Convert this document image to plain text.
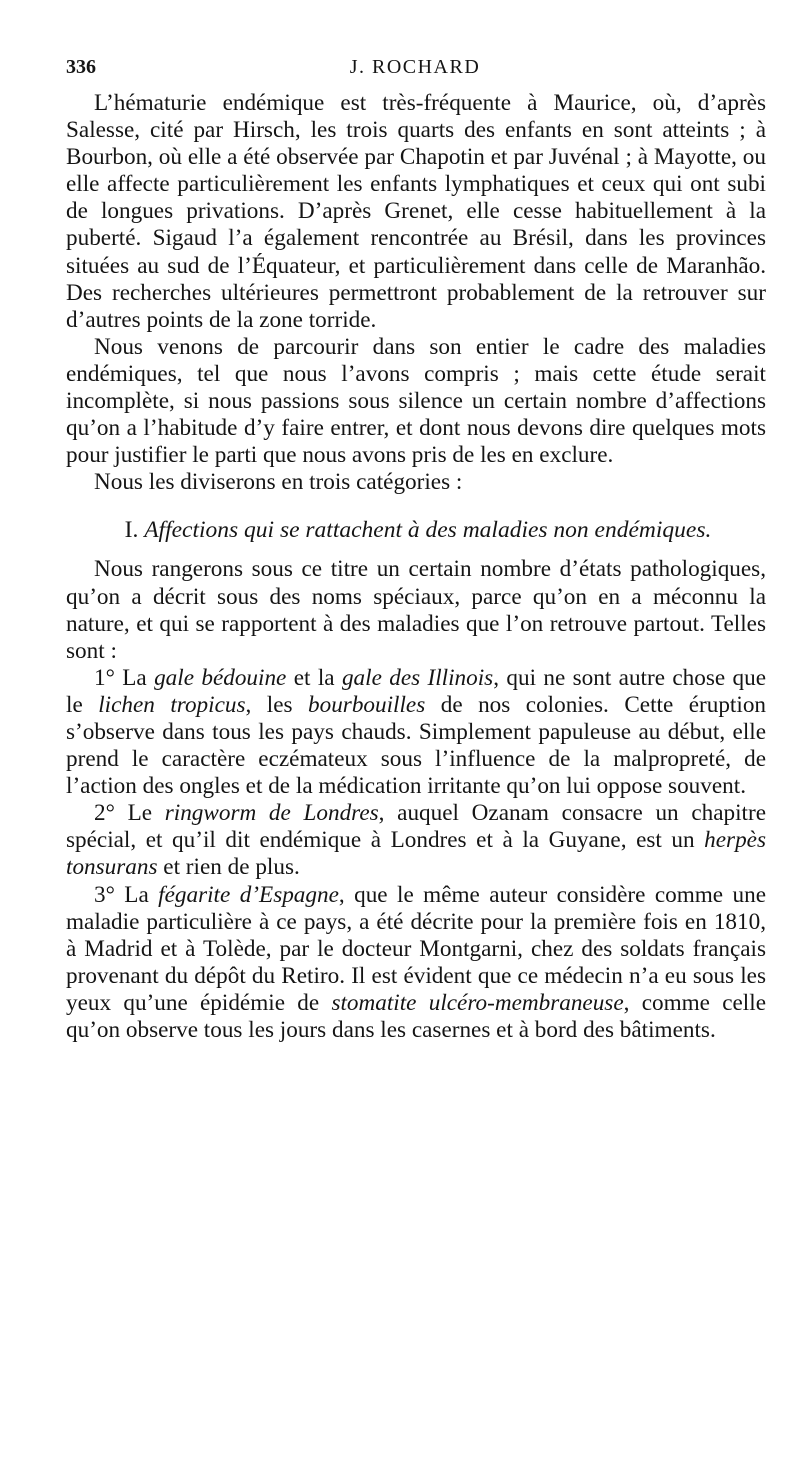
336	J. ROCHARD

L’hématurie endémique est très-fréquente à Maurice, où, d’après Salesse, cité par Hirsch, les trois quarts des enfants en sont atteints ; à Bourbon, où elle a été observée par Chapotin et par Juvénal ; à Mayotte, ou elle affecte particulièrement les enfants lymphatiques et ceux qui ont subi de longues privations. D’après Grenet, elle cesse habituellement à la puberté. Sigaud l’a également rencontrée au Brésil, dans les provinces situées au sud de l’Équateur, et particulièrement dans celle de Maranhão. Des recherches ultérieures permettront probablement de la retrouver sur d’autres points de la zone torride.

Nous venons de parcourir dans son entier le cadre des maladies endémiques, tel que nous l’avons compris ; mais cette étude serait incomplète, si nous passions sous silence un certain nombre d’affections qu’on a l’habitude d’y faire entrer, et dont nous devons dire quelques mots pour justifier le parti que nous avons pris de les en exclure.

Nous les diviserons en trois catégories :

I. Affections qui se rattachent à des maladies non endémiques.

Nous rangerons sous ce titre un certain nombre d’états pathologiques, qu’on a décrit sous des noms spéciaux, parce qu’on en a méconnu la nature, et qui se rapportent à des maladies que l’on retrouve partout. Telles sont :

1° La gale bédouine et la gale des Illinois, qui ne sont autre chose que le lichen tropicus, les bourbouilles de nos colonies. Cette éruption s’observe dans tous les pays chauds. Simplement papuleuse au début, elle prend le caractère eczémateux sous l’influence de la malpropreté, de l’action des ongles et de la médication irritante qu’on lui oppose souvent.

2° Le ringworm de Londres, auquel Ozanam consacre un chapitre spécial, et qu’il dit endémique à Londres et à la Guyane, est un herpès tonsurans et rien de plus.

3° La fégarite d’Espagne, que le même auteur considère comme une maladie particulière à ce pays, a été décrite pour la première fois en 1810, à Madrid et à Tolède, par le docteur Montgarni, chez des soldats français provenant du dépôt du Retiro. Il est évident que ce médecin n’a eu sous les yeux qu’une épidémie de stomatite ulcéro-membraneuse, comme celle qu’on observe tous les jours dans les casernes et à bord des bâtiments.
